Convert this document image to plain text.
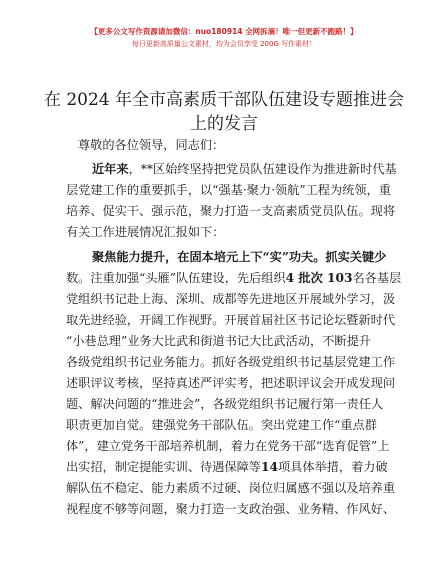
【更多公文写作资源请加微信：nuo180914 全网拆滴！唯一但更新不跑路！】
每日更新高质量公文素材，均为会员享受 200G 写作素材！
在 2024 年全市高素质干部队伍建设专题推进会上的发言
尊敬的各位领导，同志们：
近年来，**区始终坚持把党员队伍建设作为推进新时代基
层党建工作的重要抓手，以“强基·聚力·领航”工程为统领，重
培养、促实干、强示范，聚力打造一支高素质党员队伍。现将
有关工作进展情况汇报如下：
聚焦能力提升，在固本培元上下“实”功夫。抓实关键少
数。注重加强“头雁”队伍建设，先后组织4 批次 103名各基层
党组织书记赴上海、深圳、成都等先进地区开展域外学习，汲
取先进经验，开阔工作视野。开展首届社区书记论坛暨新时代
“小巷总理”业务大比武和街道书记大比武活动，不断提升
各级党组织书记业务能力。抓好各级党组织书记基层党建工作
述职评议考核，坚持真述严评实考，把述职评议会开成发现问
题、解决问题的“推进会”，各级党组织书记履行第一责任人
职责更加自觉。建强党务干部队伍。突出党建工作“重点群
体”，建立党务干部培养机制，着力在党务干部“选育促管”上
出实招，制定提能实训、待遇保障等14项具体举措，着力破
解队伍不稳定、能力素质不过硬、岗位归属感不强以及培养重
视程度不够等问题，聚力打造一支政治强、业务精、作风好、
